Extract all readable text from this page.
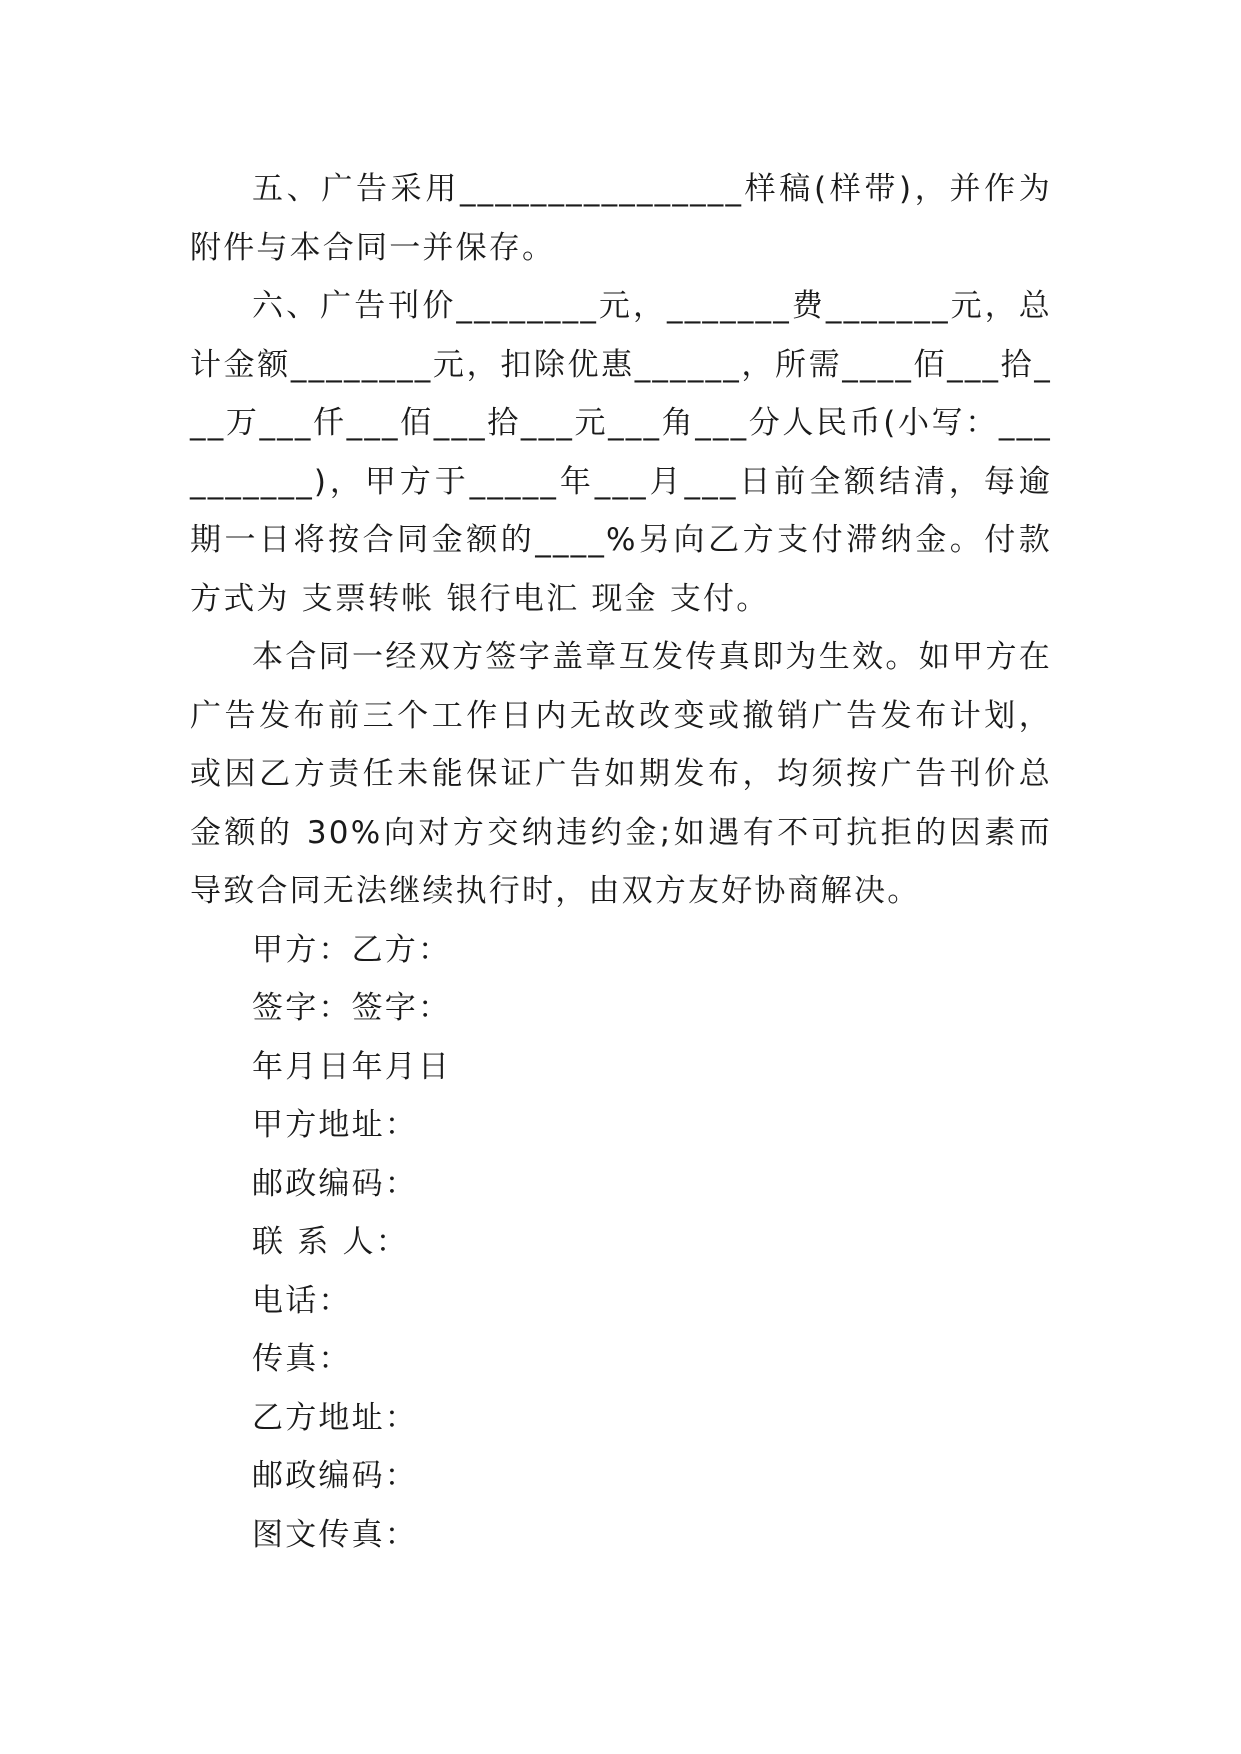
五、广告采用________________样稿(样带)，并作为附件与本合同一并保存。

六、广告刊价________元，_______费_______元，总计金额________元，扣除优惠______，所需____佰___拾___万___仟___佰___拾___元___角___分人民币(小写：__________)，甲方于_____年___月___日前全额结清，每逾期一日将按合同金额的____%另向乙方支付滞纳金。付款方式为 支票转帐 银行电汇 现金 支付。

本合同一经双方签字盖章互发传真即为生效。如甲方在广告发布前三个工作日内无故改变或撤销广告发布计划，或因乙方责任未能保证广告如期发布，均须按广告刊价总金额的 30%向对方交纳违约金;如遇有不可抗拒的因素而导致合同无法继续执行时，由双方友好协商解决。

甲方：乙方：

签字：签字：

年月日年月日

甲方地址：

邮政编码：

联 系 人：

电话：

传真：

乙方地址：

邮政编码：

图文传真：
